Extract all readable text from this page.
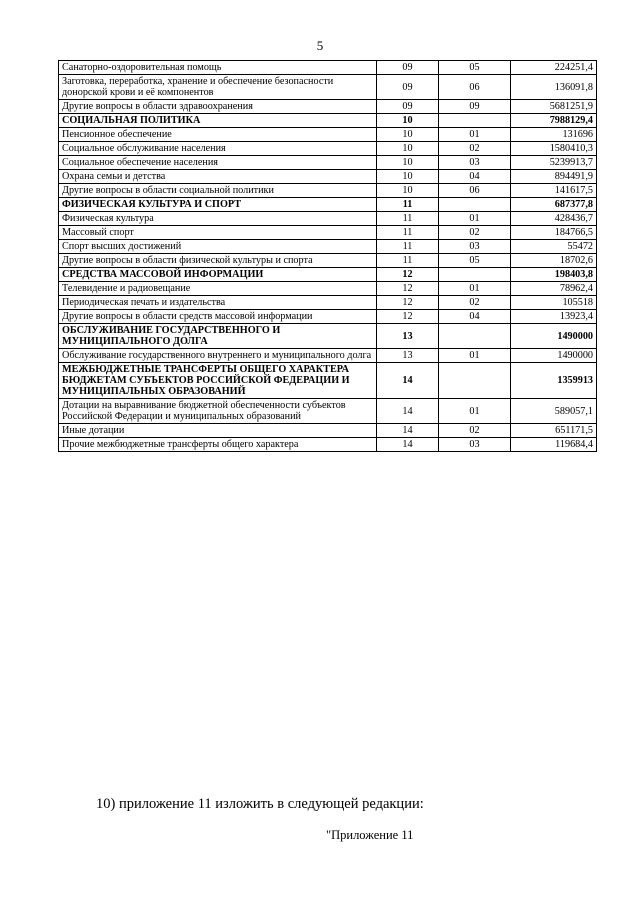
5
Санаторно-оздоровительная помощь	09	05	224251,4
Заготовка, переработка, хранение и обеспечение безопасности донорской крови и её компонентов	09	06	136091,8
Другие вопросы в области здравоохранения	09	09	5681251,9
СОЦИАЛЬНАЯ ПОЛИТИКА	10		7988129,4
Пенсионное обеспечение	10	01	131696
Социальное обслуживание населения	10	02	1580410,3
Социальное обеспечение населения	10	03	5239913,7
Охрана семьи и детства	10	04	894491,9
Другие вопросы в области социальной политики	10	06	141617,5
ФИЗИЧЕСКАЯ КУЛЬТУРА И СПОРТ	11		687377,8
Физическая культура	11	01	428436,7
Массовый спорт	11	02	184766,5
Спорт высших достижений	11	03	55472
Другие вопросы в области физической культуры и спорта	11	05	18702,6
СРЕДСТВА МАССОВОЙ ИНФОРМАЦИИ	12		198403,8
Телевидение и радиовещание	12	01	78962,4
Периодическая печать и издательства	12	02	105518
Другие вопросы в области средств массовой информации	12	04	13923,4
ОБСЛУЖИВАНИЕ ГОСУДАРСТВЕННОГО И МУНИЦИПАЛЬНОГО ДОЛГА	13		1490000
Обслуживание государственного внутреннего и муниципального долга	13	01	1490000
МЕЖБЮДЖЕТНЫЕ ТРАНСФЕРТЫ ОБЩЕГО ХАРАКТЕРА БЮДЖЕТАМ СУБЪЕКТОВ РОССИЙСКОЙ ФЕДЕРАЦИИ И МУНИЦИПАЛЬНЫХ ОБРАЗОВАНИЙ	14		1359913
Дотации на выравнивание бюджетной обеспеченности субъектов Российской Федерации и муниципальных образований	14	01	589057,1
Иные дотации	14	02	651171,5
Прочие межбюджетные трансферты общего характера	14	03	119684,4
10) приложение 11 изложить в следующей редакции:
"Приложение 11
